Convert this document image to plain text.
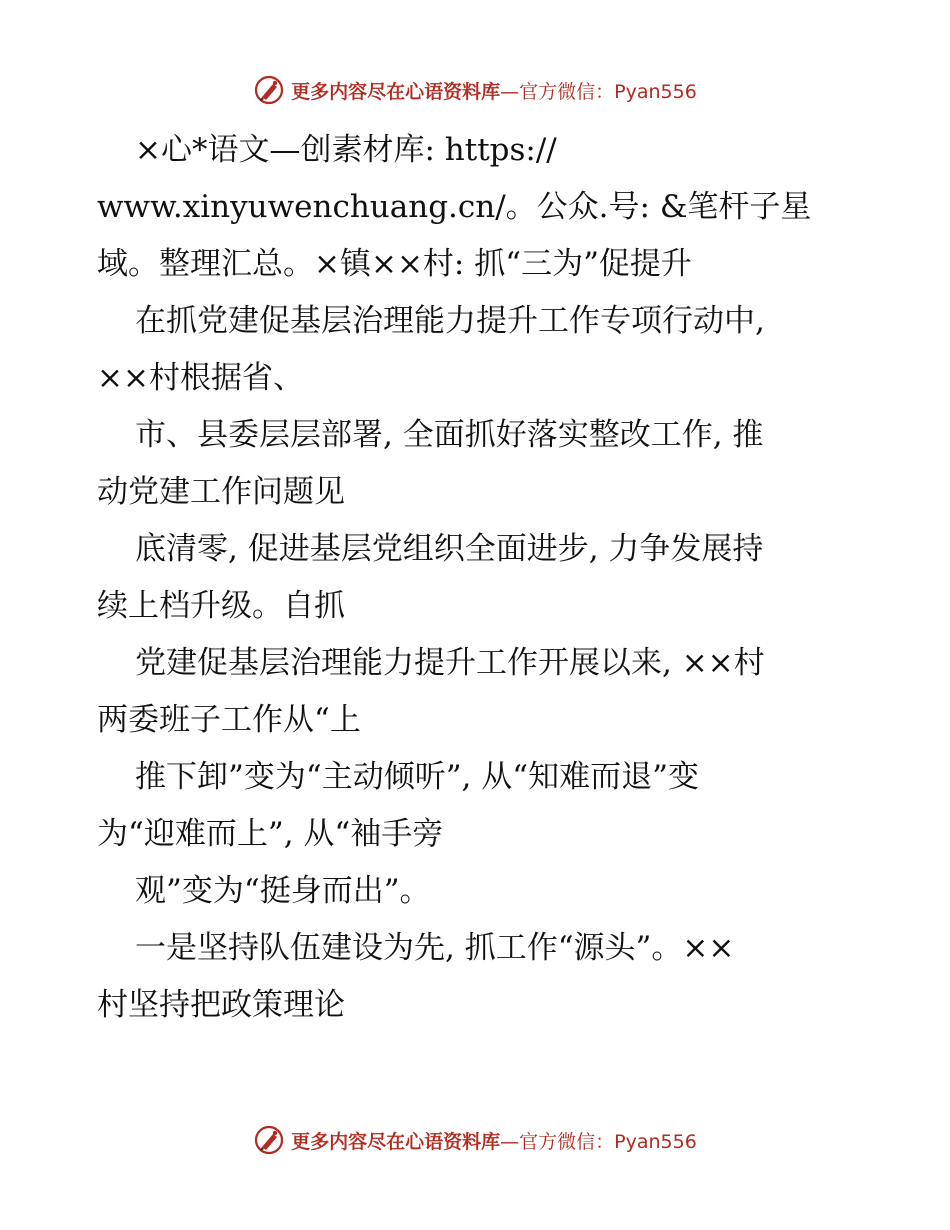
更多内容尽在心语资料库 —官方微信：Pyan556
×心*语文—创素材库: https://
www.xinyuwenchuang.cn/。公众.号: &笔杆子星
域。整理汇总。×镇××村: 抓“三为”促提升
在抓党建促基层治理能力提升工作专项行动中,
××村根据省、
市、县委层层部署, 全面抓好落实整改工作, 推
动党建工作问题见
底清零, 促进基层党组织全面进步, 力争发展持
续上档升级。自抓
党建促基层治理能力提升工作开展以来, ××村
两委班子工作从“上
推下卸”变为“主动倾听”, 从“知难而退”变
为“迎难而上”, 从“袖手旁
观”变为“挺身而出”。
一是坚持队伍建设为先, 抓工作“源头”。××
村坚持把政策理论
更多内容尽在心语资料库 —官方微信：Pyan556
